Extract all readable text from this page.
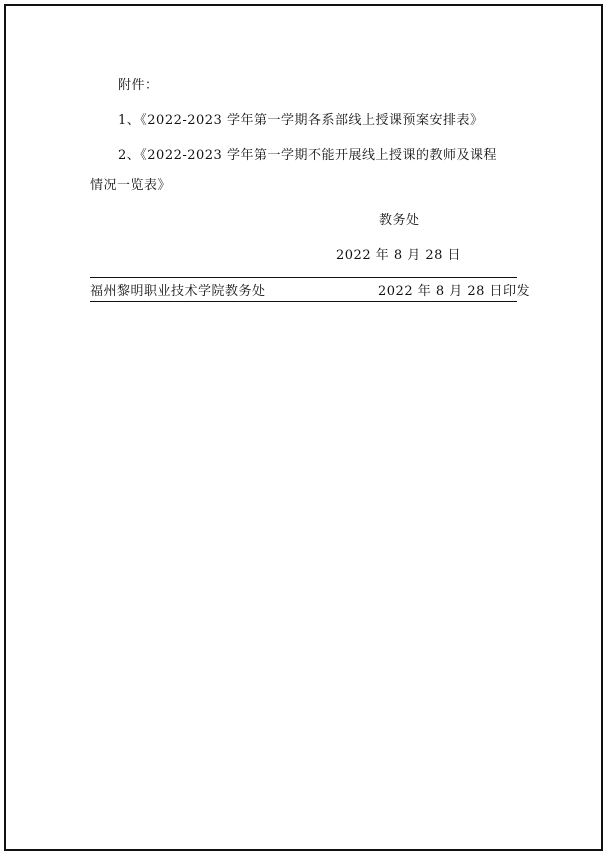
附件：
1、《2022-2023 学年第一学期各系部线上授课预案安排表》
2、《2022-2023 学年第一学期不能开展线上授课的教师及课程
情况一览表》
教务处
2022 年 8 月 28 日
福州黎明职业技术学院教务处	2022 年 8 月 28 日印发
